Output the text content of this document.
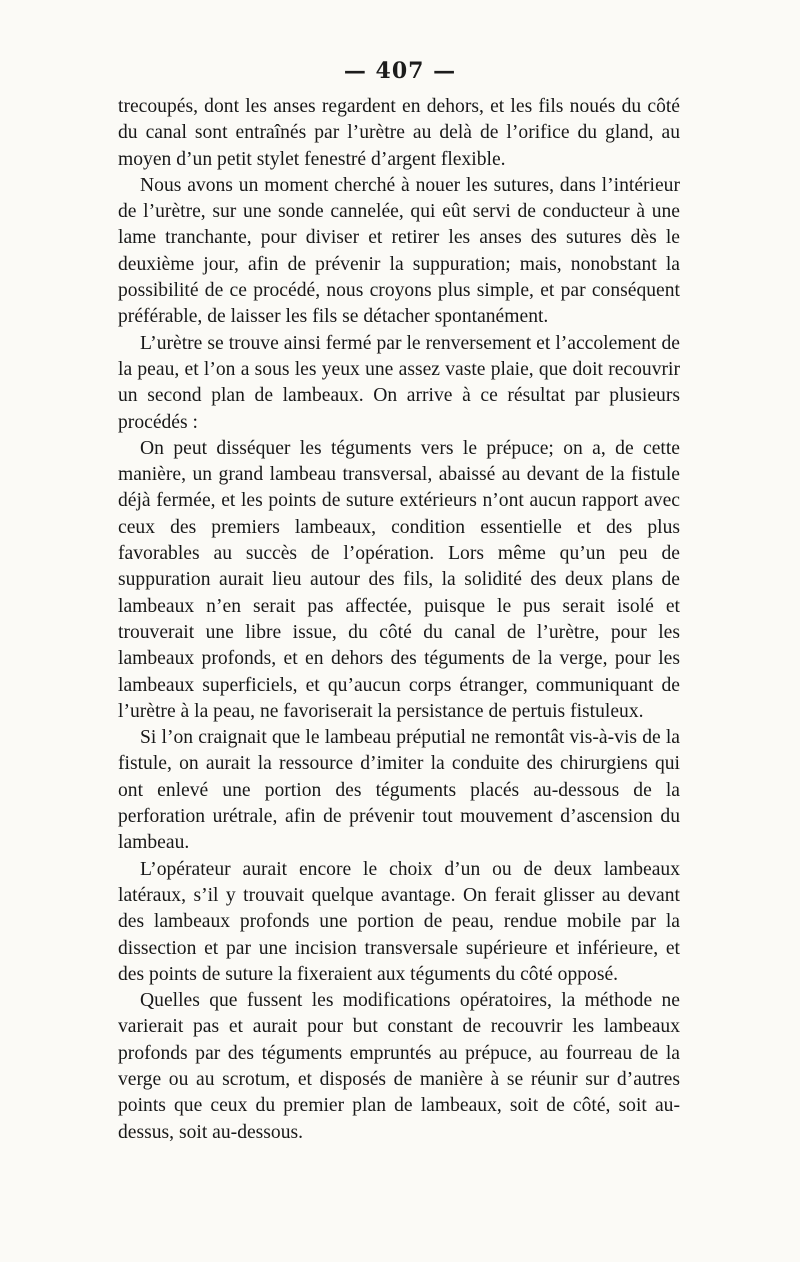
— 407 —

trecoupés, dont les anses regardent en dehors, et les fils noués du côté du canal sont entraînés par l’urètre au delà de l’orifice du gland, au moyen d’un petit stylet fenestré d’argent flexible.

Nous avons un moment cherché à nouer les sutures, dans l’intérieur de l’urètre, sur une sonde cannelée, qui eût servi de conducteur à une lame tranchante, pour diviser et retirer les anses des sutures dès le deuxième jour, afin de prévenir la suppuration; mais, nonobstant la possibilité de ce procédé, nous croyons plus simple, et par conséquent préférable, de laisser les fils se détacher spontanément.

L’urètre se trouve ainsi fermé par le renversement et l’accolement de la peau, et l’on a sous les yeux une assez vaste plaie, que doit recouvrir un second plan de lambeaux. On arrive à ce résultat par plusieurs procédés :

On peut disséquer les téguments vers le prépuce; on a, de cette manière, un grand lambeau transversal, abaissé au devant de la fistule déjà fermée, et les points de suture extérieurs n’ont aucun rapport avec ceux des premiers lambeaux, condition essentielle et des plus favorables au succès de l’opération. Lors même qu’un peu de suppuration aurait lieu autour des fils, la solidité des deux plans de lambeaux n’en serait pas affectée, puisque le pus serait isolé et trouverait une libre issue, du côté du canal de l’urètre, pour les lambeaux profonds, et en dehors des téguments de la verge, pour les lambeaux superficiels, et qu’aucun corps étranger, communiquant de l’urètre à la peau, ne favoriserait la persistance de pertuis fistuleux.

Si l’on craignait que le lambeau préputial ne remontât vis-à-vis de la fistule, on aurait la ressource d’imiter la conduite des chirurgiens qui ont enlevé une portion des téguments placés au-dessous de la perforation urétrale, afin de prévenir tout mouvement d’ascension du lambeau.

L’opérateur aurait encore le choix d’un ou de deux lambeaux latéraux, s’il y trouvait quelque avantage. On ferait glisser au devant des lambeaux profonds une portion de peau, rendue mobile par la dissection et par une incision transversale supérieure et inférieure, et des points de suture la fixeraient aux téguments du côté opposé.

Quelles que fussent les modifications opératoires, la méthode ne varierait pas et aurait pour but constant de recouvrir les lambeaux profonds par des téguments empruntés au prépuce, au fourreau de la verge ou au scrotum, et disposés de manière à se réunir sur d’autres points que ceux du premier plan de lambeaux, soit de côté, soit au-dessus, soit au-dessous.
